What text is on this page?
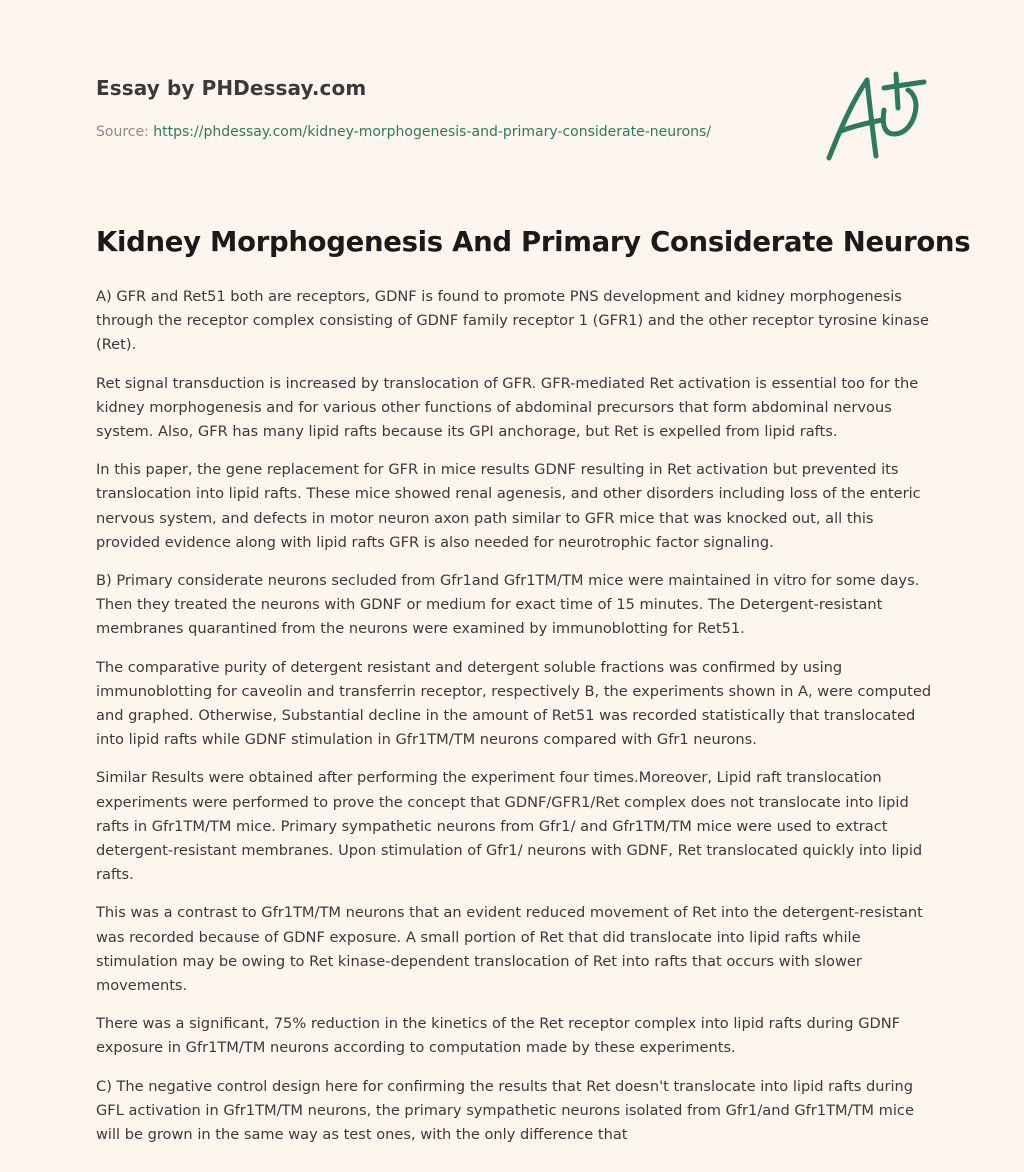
Essay by PHDessay.com
Source: https://phdessay.com/kidney-morphogenesis-and-primary-considerate-neurons/
Kidney Morphogenesis And Primary Considerate Neurons

A) GFR and Ret51 both are receptors, GDNF is found to promote PNS development and kidney morphogenesis through the receptor complex consisting of GDNF family receptor 1 (GFR1) and the other receptor tyrosine kinase (Ret).

Ret signal transduction is increased by translocation of GFR. GFR-mediated Ret activation is essential too for the kidney morphogenesis and for various other functions of abdominal precursors that form abdominal nervous system. Also, GFR has many lipid rafts because its GPI anchorage, but Ret is expelled from lipid rafts.

In this paper, the gene replacement for GFR in mice results GDNF resulting in Ret activation but prevented its translocation into lipid rafts. These mice showed renal agenesis, and other disorders including loss of the enteric nervous system, and defects in motor neuron axon path similar to GFR mice that was knocked out, all this provided evidence along with lipid rafts GFR is also needed for neurotrophic factor signaling.

B) Primary considerate neurons secluded from Gfr1and Gfr1TM/TM mice were maintained in vitro for some days. Then they treated the neurons with GDNF or medium for exact time of 15 minutes. The Detergent-resistant membranes quarantined from the neurons were examined by immunoblotting for Ret51.

The comparative purity of detergent resistant and detergent soluble fractions was confirmed by using immunoblotting for caveolin and transferrin receptor, respectively B, the experiments shown in A, were computed and graphed. Otherwise, Substantial decline in the amount of Ret51 was recorded statistically that translocated into lipid rafts while GDNF stimulation in Gfr1TM/TM neurons compared with Gfr1 neurons.

Similar Results were obtained after performing the experiment four times.Moreover, Lipid raft translocation experiments were performed to prove the concept that GDNF/GFR1/Ret complex does not translocate into lipid rafts in Gfr1TM/TM mice. Primary sympathetic neurons from Gfr1/ and Gfr1TM/TM mice were used to extract detergent-resistant membranes. Upon stimulation of Gfr1/ neurons with GDNF, Ret translocated quickly into lipid rafts.

This was a contrast to Gfr1TM/TM neurons that an evident reduced movement of Ret into the detergent-resistant was recorded because of GDNF exposure. A small portion of Ret that did translocate into lipid rafts while stimulation may be owing to Ret kinase-dependent translocation of Ret into rafts that occurs with slower movements.

There was a significant, 75% reduction in the kinetics of the Ret receptor complex into lipid rafts during GDNF exposure in Gfr1TM/TM neurons according to computation made by these experiments.

C) The negative control design here for confirming the results that Ret doesn't translocate into lipid rafts during GFL activation in Gfr1TM/TM neurons, the primary sympathetic neurons isolated from Gfr1/and Gfr1TM/TM mice will be grown in the same way as test ones, with the only difference that
